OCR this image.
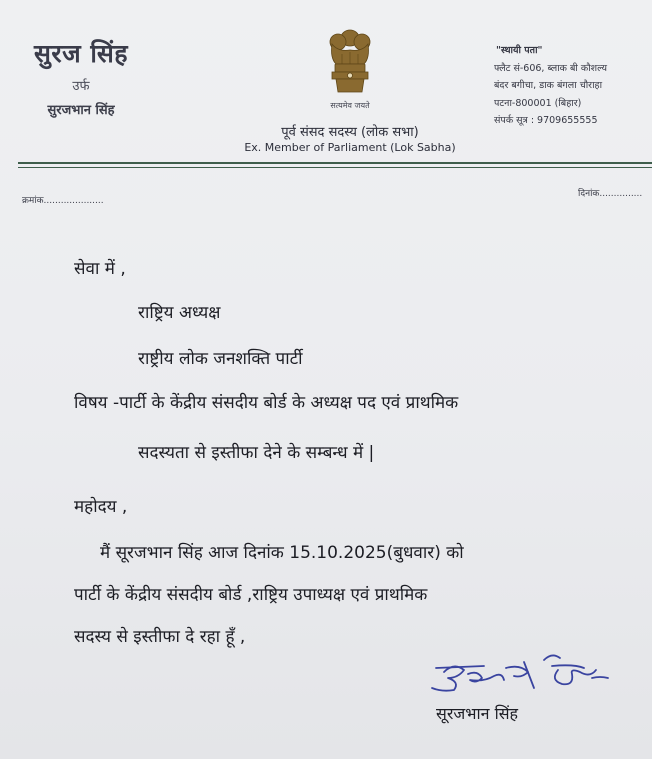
सुरज सिंह
उर्फ
सुरजभान सिंह	सत्यमेव जयते
पूर्व संसद सदस्य (लोक सभा)
Ex. Member of Parliament (Lok Sabha)
"स्थायी पता"
फ्लैट सं-606, ब्लाक बी कौशल्य
बंदर बगीचा, डाक बंगला चौराहा
पटना-800001 (बिहार)
संपर्क सूत्र : 9709655555
क्रमांक.....................
दिनांक...............
सेवा में ,
राष्ट्रिय अध्यक्ष
राष्ट्रीय लोक जनशक्ति पार्टी
विषय -पार्टी के केंद्रीय संसदीय बोर्ड के अध्यक्ष पद एवं प्राथमिक
सदस्यता से इस्तीफा देने के सम्बन्ध में |
महोदय ,
मैं सूरजभान सिंह आज दिनांक 15.10.2025(बुधवार) को
पार्टी के केंद्रीय संसदीय बोर्ड ,राष्ट्रिय उपाध्यक्ष एवं प्राथमिक
सदस्य से इस्तीफा दे रहा हूँ ,
सूरजभान सिंह
